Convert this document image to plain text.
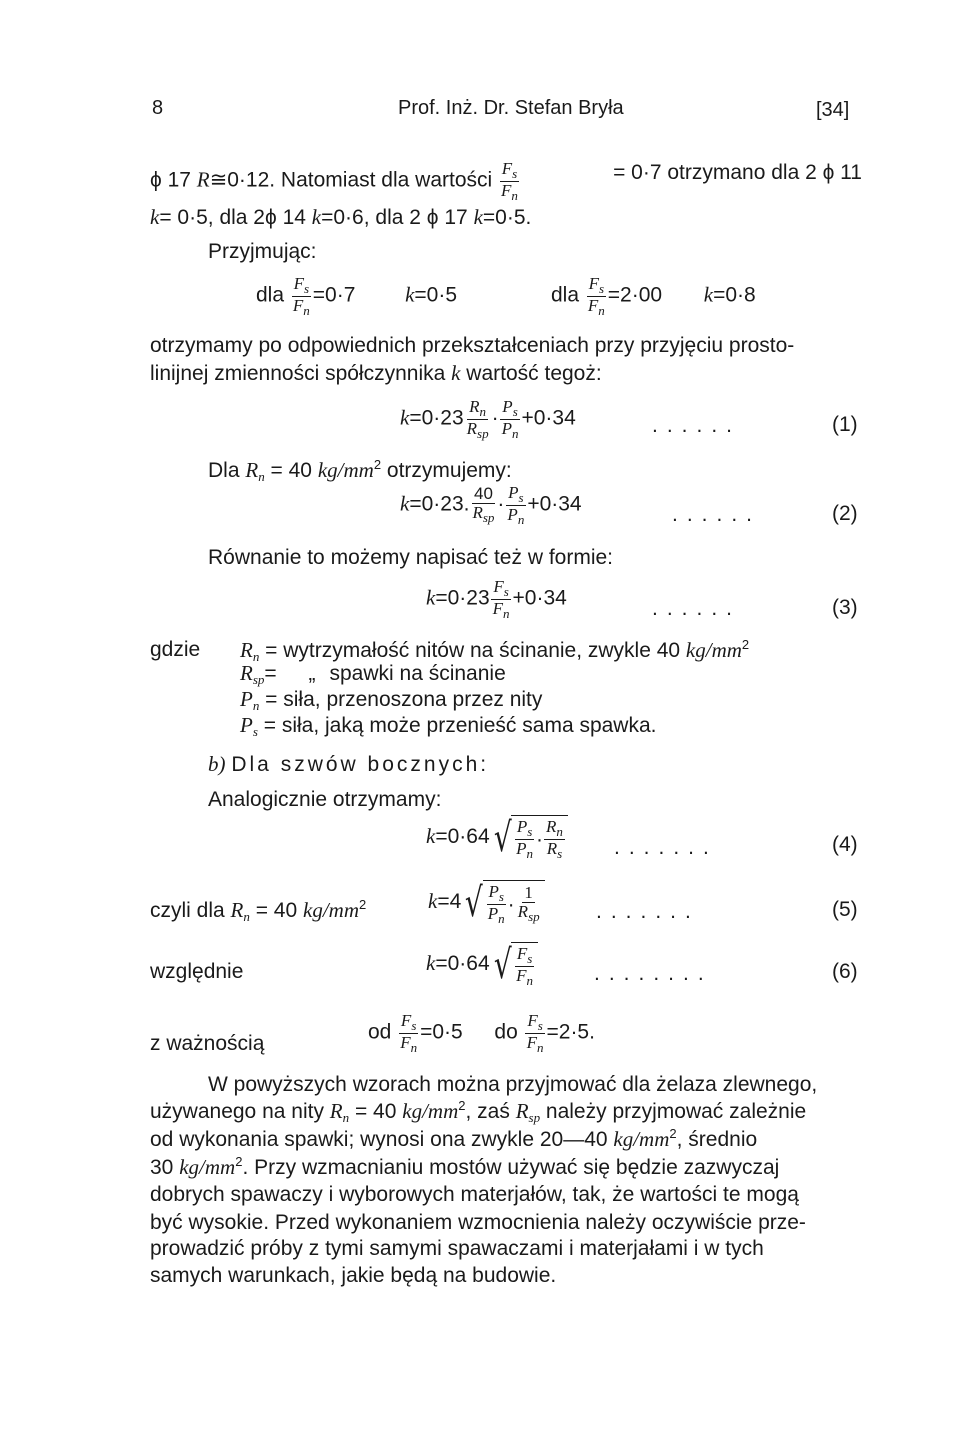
8	Prof. Inż. Dr. Stefan Bryła	[34]
ϕ 17 R≅0·12. Natomiast dla wartości $\frac{F_s}{F_n}$	= 0·7 otrzymano dla 2 ϕ 11
k= 0·5, dla 2ϕ 14 k=0·6, dla 2 ϕ 17 k=0·5.
Przyjmując:
dla $\frac{F_s}{F_n} =0\cdot 7$ k=0·5	dla $\frac{F_s}{F_n} =2\cdot 00$ k=0·8
otrzymamy po odpowiednich przekształceniach przy przyjęciu prosto-
linijnej zmienności spółczynnika k wartość tegoż:
$k=0\cdot 23 \frac{R_n}{R_{sp}} \cdot \frac{P_s}{P_n} +0\cdot 34$	......	(1)
Dla $R_n = 40$ $kg/mm^2$ otrzymujemy:
k=0·23. $\frac{40}{R_{sp}} \cdot \frac{P_s}{P_n} +0\cdot 34$	......	(2)
Równanie to możemy napisać też w formie:
$k=0\cdot 23 \frac{F_s}{F_n} +0\cdot 34$	......	(3)
gdzie $R_n$ = wytrzymałość nitów na ścinanie, zwykle 40 $kg/mm^2$
$R_{sp}=$ „ spawki na ścinanie
$P_n$ = siła, przenoszona przez nity
$P_s$ = siła, jaką może przenieść sama spawka.
b) Dla szwów bocznych:
Analogicznie otrzymamy:
k=0·64 √ $\frac{P_s}{P_n} \cdot \frac{R_n}{R_s}$ .......	(4)
czyli dla $R_n = 40$ $kg/mm^2$	k=4 √ $\frac{P_s}{P_n} \cdot \frac{1}{R_{sp}}$	.......	(5)
względnie	k=0·64 √ $\frac{F_s}{F_n}$	........	(6)
z ważnością	od $\frac{F_s}{F_n} =0\cdot 5$ do $\frac{F_s}{F_n} =2\cdot 5$.
W powyższych wzorach można przyjmować dla żelaza zlewnego,
używanego na nity $R_n = 40$ $kg/mm^2$, zaś $R_{sp}$ należy przyjmować zależnie
od wykonania spawki; wynosi ona zwykle 20—40 $kg/mm^2$, średnio
30 $kg/mm^2$. Przy wzmacnianiu mostów używać się będzie zazwyczaj
dobrych spawaczy i wyborowych materjałów, tak, że wartości te mogą
być wysokie. Przed wykonaniem wzmocnienia należy oczywiście prze-
prowadzić próby z tymi samymi spawaczami i materjałami i w tych
samych warunkach, jakie będą na budowie.
